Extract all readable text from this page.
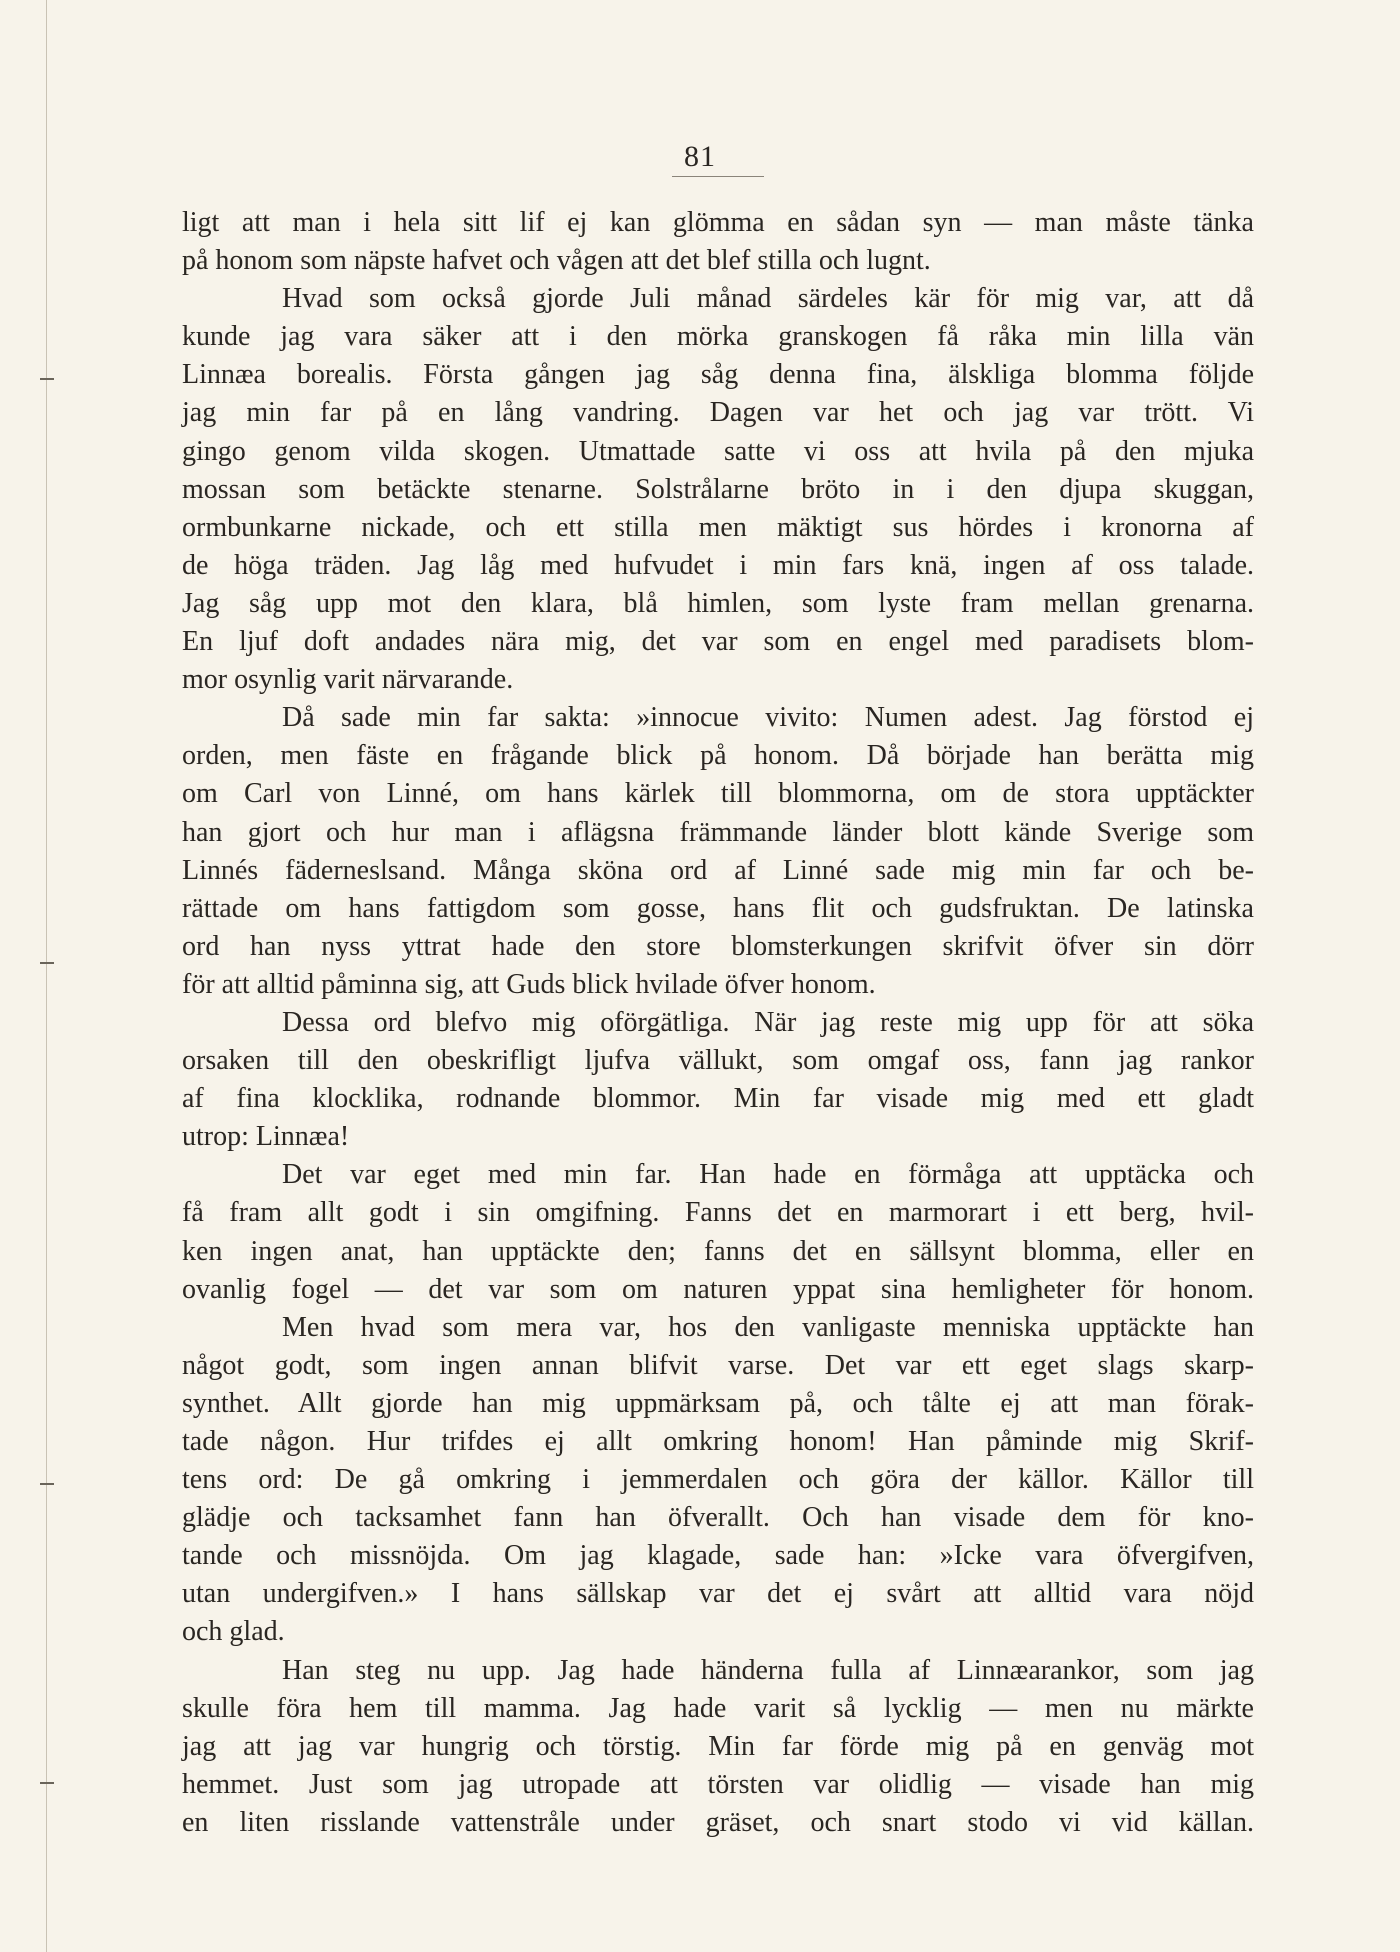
81
ligt att man i hela sitt lif ej kan glömma en sådan syn — man måste tänka
på honom som näpste hafvet och vågen att det blef stilla och lugnt.
Hvad som också gjorde Juli månad särdeles kär för mig var, att då
kunde jag vara säker att i den mörka granskogen få råka min lilla vän
Linnæa borealis. Första gången jag såg denna fina, älskliga blomma följde
jag min far på en lång vandring. Dagen var het och jag var trött. Vi
gingo genom vilda skogen. Utmattade satte vi oss att hvila på den mjuka
mossan som betäckte stenarne. Solstrålarne bröto in i den djupa skuggan,
ormbunkarne nickade, och ett stilla men mäktigt sus hördes i kronorna af
de höga träden. Jag låg med hufvudet i min fars knä, ingen af oss talade.
Jag såg upp mot den klara, blå himlen, som lyste fram mellan grenarna.
En ljuf doft andades nära mig, det var som en engel med paradisets blom-
mor osynlig varit närvarande.
Då sade min far sakta: »innocue vivito: Numen adest. Jag förstod ej
orden, men fäste en frågande blick på honom. Då började han berätta mig
om Carl von Linné, om hans kärlek till blommorna, om de stora upptäckter
han gjort och hur man i aflägsna främmande länder blott kände Sverige som
Linnés fäderneslsand. Många sköna ord af Linné sade mig min far och be-
rättade om hans fattigdom som gosse, hans flit och gudsfruktan. De latinska
ord han nyss yttrat hade den store blomsterkungen skrifvit öfver sin dörr
för att alltid påminna sig, att Guds blick hvilade öfver honom.
Dessa ord blefvo mig oförgätliga. När jag reste mig upp för att söka
orsaken till den obeskrifligt ljufva vällukt, som omgaf oss, fann jag rankor
af fina klocklika, rodnande blommor. Min far visade mig med ett gladt
utrop: Linnæa!
Det var eget med min far. Han hade en förmåga att upptäcka och
få fram allt godt i sin omgifning. Fanns det en marmorart i ett berg, hvil-
ken ingen anat, han upptäckte den; fanns det en sällsynt blomma, eller en
ovanlig fogel — det var som om naturen yppat sina hemligheter för honom.
Men hvad som mera var, hos den vanligaste menniska upptäckte han
något godt, som ingen annan blifvit varse. Det var ett eget slags skarp-
synthet. Allt gjorde han mig uppmärksam på, och tålte ej att man förak-
tade någon. Hur trifdes ej allt omkring honom! Han påminde mig Skrif-
tens ord: De gå omkring i jemmerdalen och göra der källor. Källor till
glädje och tacksamhet fann han öfverallt. Och han visade dem för kno-
tande och missnöjda. Om jag klagade, sade han: »Icke vara öfvergifven,
utan undergifven.» I hans sällskap var det ej svårt att alltid vara nöjd
och glad.
Han steg nu upp. Jag hade händerna fulla af Linnæarankor, som jag
skulle föra hem till mamma. Jag hade varit så lycklig — men nu märkte
jag att jag var hungrig och törstig. Min far förde mig på en genväg mot
hemmet. Just som jag utropade att törsten var olidlig — visade han mig
en liten risslande vattenstråle under gräset, och snart stodo vi vid källan.
